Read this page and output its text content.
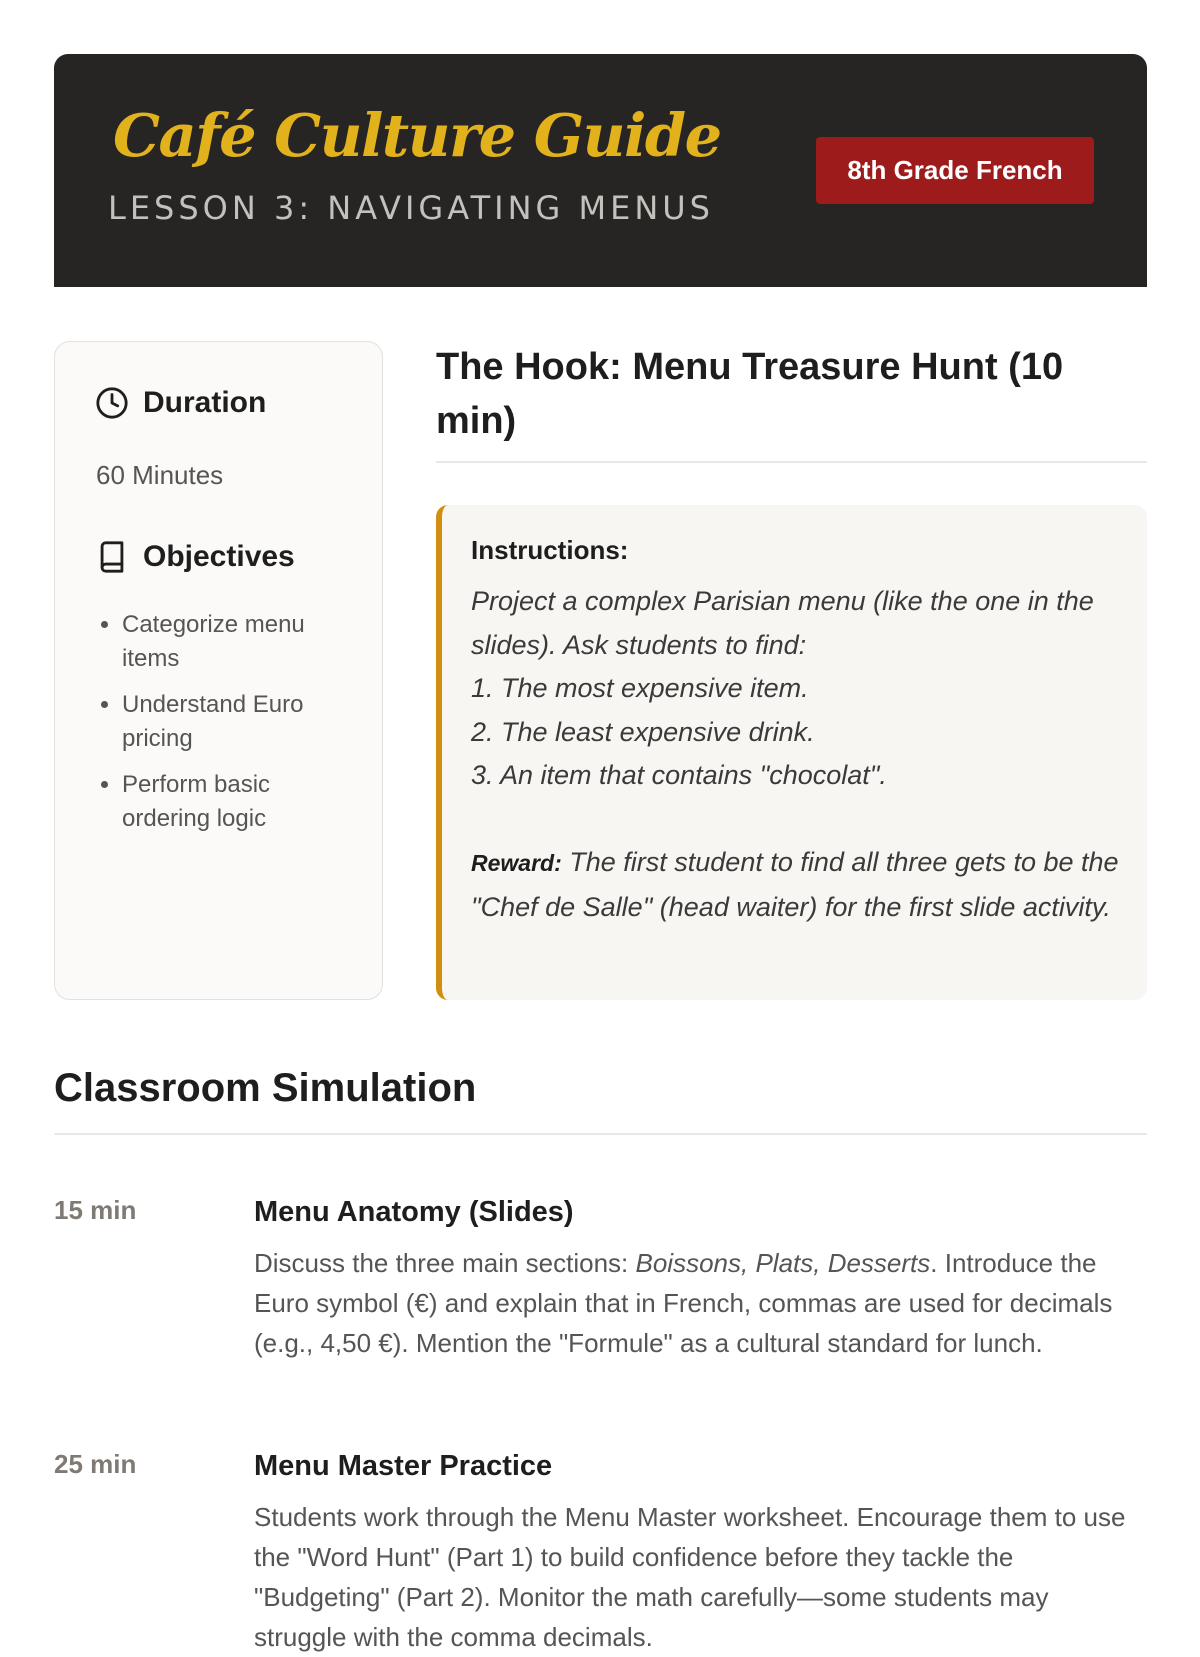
Café Culture Guide
LESSON 3: NAVIGATING MENUS
8th Grade French
Duration
60 Minutes
Objectives
• Categorize menu items
• Understand Euro pricing
• Perform basic ordering logic
The Hook: Menu Treasure Hunt (10 min)
Instructions:
Project a complex Parisian menu (like the one in the slides). Ask students to find:
1. The most expensive item.
2. The least expensive drink.
3. An item that contains "chocolat".
Reward: The first student to find all three gets to be the "Chef de Salle" (head waiter) for the first slide activity.
Classroom Simulation
15 min	Menu Anatomy (Slides)

Discuss the three main sections: Boissons, Plats, Desserts. Introduce the Euro symbol (€) and explain that in French, commas are used for decimals (e.g., 4,50 €). Mention the "Formule" as a cultural standard for lunch.

25 min	Menu Master Practice

Students work through the Menu Master worksheet. Encourage them to use the "Word Hunt" (Part 1) to build confidence before they tackle the "Budgeting" (Part 2). Monitor the math carefully—some students may struggle with the comma decimals.
